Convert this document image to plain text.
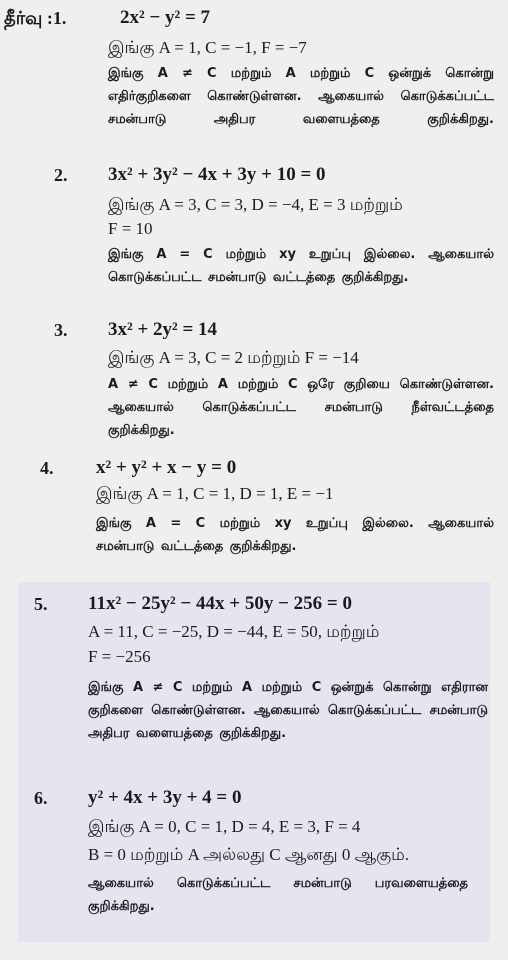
தீர்வு :1.	2x² − y² = 7
இங்கு A = 1, C = −1, F = −7
இங்கு A ≠ C மற்றும் A மற்றும் C ஒன்றுக் கொன்று எதிர்குறிகளை கொண்டுள்ளன. ஆகையால் கொடுக்கப்பட்ட சமன்பாடு அதிபர வளையத்தை குறிக்கிறது.
2. 3x² + 3y² − 4x + 3y + 10 = 0
இங்கு A = 3, C = 3, D = −4, E = 3 மற்றும்
F = 10
இங்கு A = C மற்றும் xy உறுப்பு இல்லை. ஆகையால் கொடுக்கப்பட்ட சமன்பாடு வட்டத்தை குறிக்கிறது.
3. 3x² + 2y² = 14
இங்கு A = 3, C = 2 மற்றும் F = −14
A ≠ C மற்றும் A மற்றும் C ஒரே குறியை கொண்டுள்ளன. ஆகையால் கொடுக்கப்பட்ட சமன்பாடு நீள்வட்டத்தை குறிக்கிறது.
4. x² + y² + x − y = 0
இங்கு A = 1, C = 1, D = 1, E = −1
இங்கு A = C மற்றும் xy உறுப்பு இல்லை. ஆகையால் சமன்பாடு வட்டத்தை குறிக்கிறது.
5. 11x² − 25y² − 44x + 50y − 256 = 0
A = 11, C = −25, D = −44, E = 50, மற்றும்
F = −256
இங்கு A ≠ C மற்றும் A மற்றும் C ஒன்றுக் கொன்று எதிரான குறிகளை கொண்டுள்ளன. ஆகையால் கொடுக்கப்பட்ட சமன்பாடு அதிபர வளையத்தை குறிக்கிறது.
6. y² + 4x + 3y + 4 = 0
இங்கு A = 0, C = 1, D = 4, E = 3, F = 4
B = 0 மற்றும் A அல்லது C ஆனது 0 ஆகும்.
ஆகையால் கொடுக்கப்பட்ட சமன்பாடு பரவளையத்தை குறிக்கிறது.
